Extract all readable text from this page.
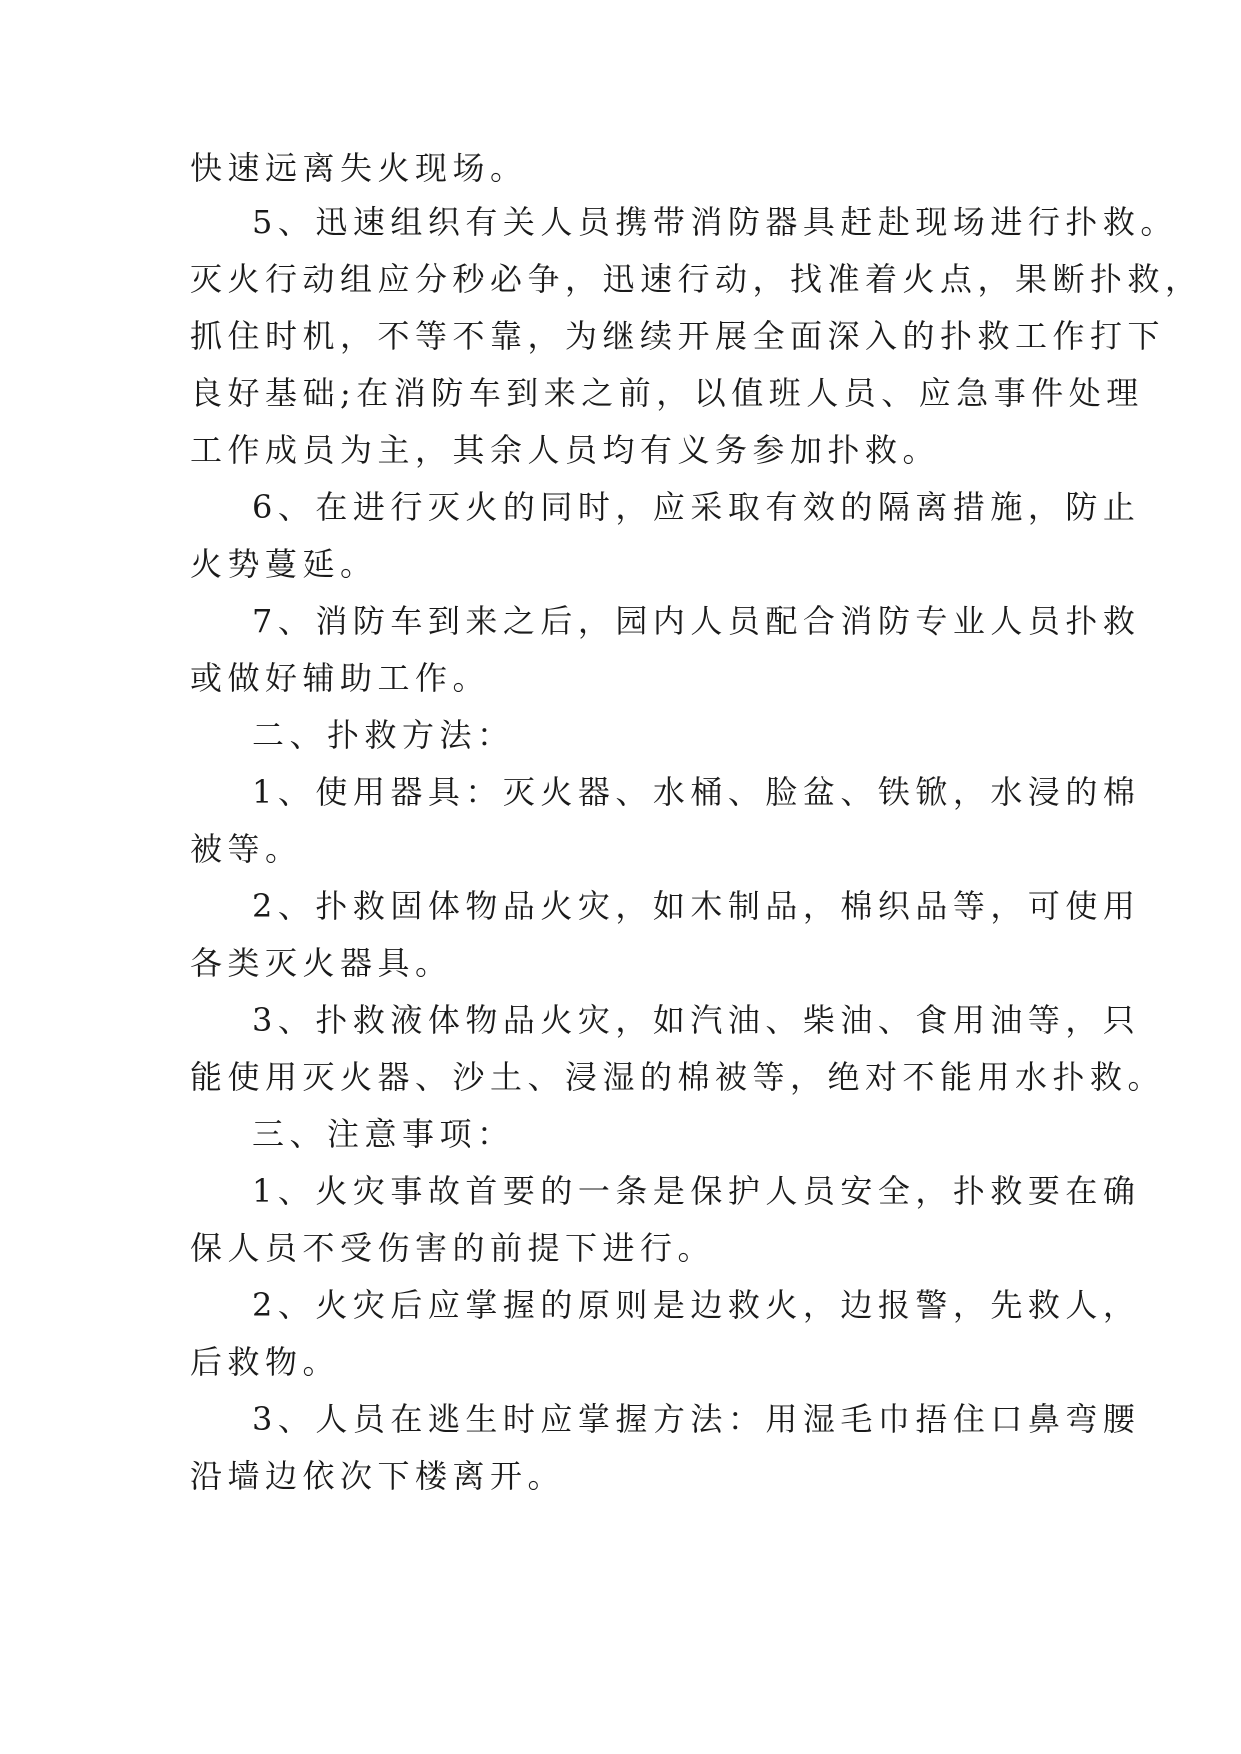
快速远离失火现场。

5、迅速组织有关人员携带消防器具赶赴现场进行扑救。

灭火行动组应分秒必争，迅速行动，找准着火点，果断扑救，

抓住时机，不等不靠，为继续开展全面深入的扑救工作打下

良好基础;在消防车到来之前，以值班人员、应急事件处理

工作成员为主，其余人员均有义务参加扑救。

6、在进行灭火的同时，应采取有效的隔离措施，防止

火势蔓延。

7、消防车到来之后，园内人员配合消防专业人员扑救

或做好辅助工作。

二、扑救方法：

1、使用器具：灭火器、水桶、脸盆、铁锨，水浸的棉

被等。

2、扑救固体物品火灾，如木制品，棉织品等，可使用

各类灭火器具。

3、扑救液体物品火灾，如汽油、柴油、食用油等，只

能使用灭火器、沙土、浸湿的棉被等，绝对不能用水扑救。

三、注意事项：

1、火灾事故首要的一条是保护人员安全，扑救要在确

保人员不受伤害的前提下进行。

2、火灾后应掌握的原则是边救火，边报警，先救人，

后救物。

3、人员在逃生时应掌握方法：用湿毛巾捂住口鼻弯腰

沿墙边依次下楼离开。
